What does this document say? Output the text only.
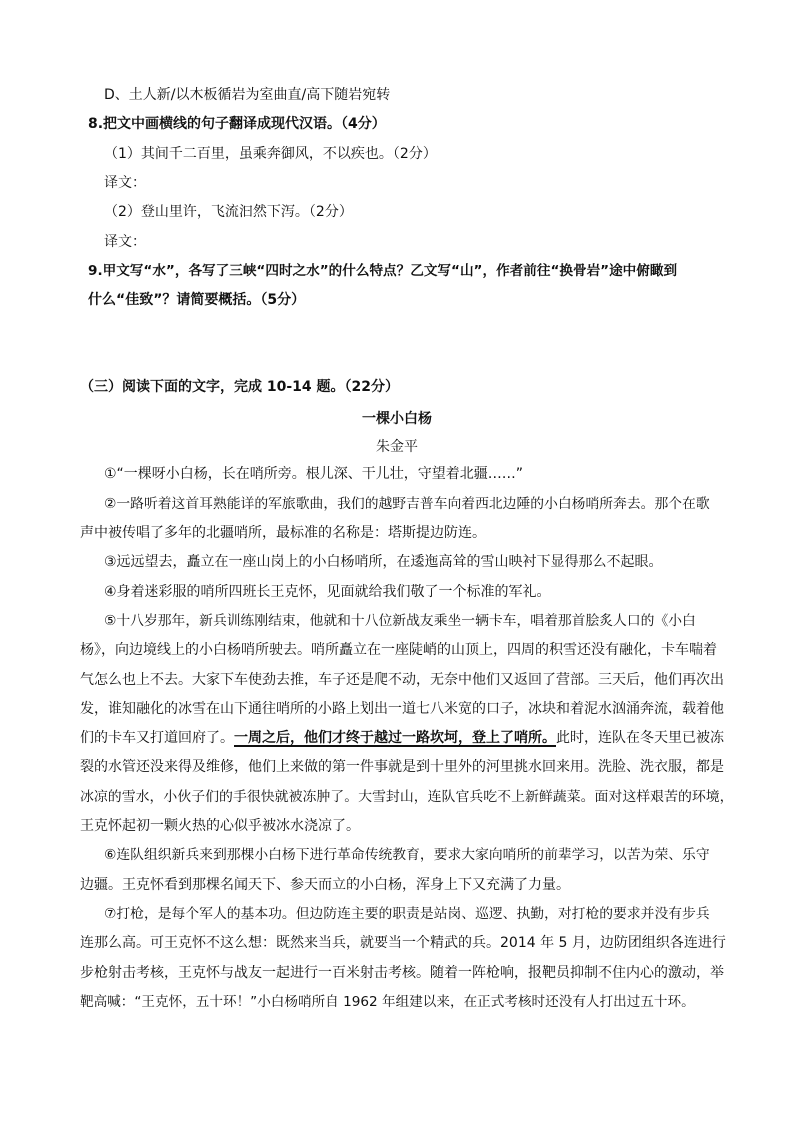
D、土人新/以木板循岩为室曲直/高下随岩宛转
8.把文中画横线的句子翻译成现代汉语。（4分）
（1）其间千二百里，虽乘奔御风，不以疾也。（2分）
译文：
（2）登山里许，飞流汩然下泻。（2分）
译文：
9.甲文写“水”，各写了三峡“四时之水”的什么特点？乙文写“山”，作者前往“换骨岩”途中俯瞰到
什么“佳致”？请简要概括。（5分）
（三）阅读下面的文字，完成 10-14 题。（22分）
一棵小白杨
朱金平
①“一棵呀小白杨，长在哨所旁。根儿深、干儿壮，守望着北疆……”
②一路听着这首耳熟能详的军旅歌曲，我们的越野吉普车向着西北边陲的小白杨哨所奔去。那个在歌
声中被传唱了多年的北疆哨所，最标准的名称是：塔斯提边防连。
③远远望去，矗立在一座山岗上的小白杨哨所，在逶迤高耸的雪山映衬下显得那么不起眼。
④身着迷彩服的哨所四班长王克怀，见面就给我们敬了一个标准的军礼。
⑤十八岁那年，新兵训练刚结束，他就和十八位新战友乘坐一辆卡车，唱着那首脍炙人口的《小白
杨》，向边境线上的小白杨哨所驶去。哨所矗立在一座陡峭的山顶上，四周的积雪还没有融化，卡车喘着
气怎么也上不去。大家下车使劲去推，车子还是爬不动，无奈中他们又返回了营部。三天后，他们再次出
发，谁知融化的冰雪在山下通往哨所的小路上划出一道七八米宽的口子，冰块和着泥水汹涌奔流，载着他
们的卡车又打道回府了。一周之后，他们才终于越过一路坎坷，登上了哨所。此时，连队在冬天里已被冻
裂的水管还没来得及维修，他们上来做的第一件事就是到十里外的河里挑水回来用。洗脸、洗衣服，都是
冰凉的雪水，小伙子们的手很快就被冻肿了。大雪封山，连队官兵吃不上新鲜蔬菜。面对这样艰苦的环境，
王克怀起初一颗火热的心似乎被冰水浇凉了。
⑥连队组织新兵来到那棵小白杨下进行革命传统教育，要求大家向哨所的前辈学习，以苦为荣、乐守
边疆。王克怀看到那棵名闻天下、参天而立的小白杨，浑身上下又充满了力量。
⑦打枪，是每个军人的基本功。但边防连主要的职责是站岗、巡逻、执勤，对打枪的要求并没有步兵
连那么高。可王克怀不这么想：既然来当兵，就要当一个精武的兵。2014 年 5 月，边防团组织各连进行
步枪射击考核，王克怀与战友一起进行一百米射击考核。随着一阵枪响，报靶员抑制不住内心的激动，举
靶高喊：“王克怀，五十环！”小白杨哨所自 1962 年组建以来，在正式考核时还没有人打出过五十环。
